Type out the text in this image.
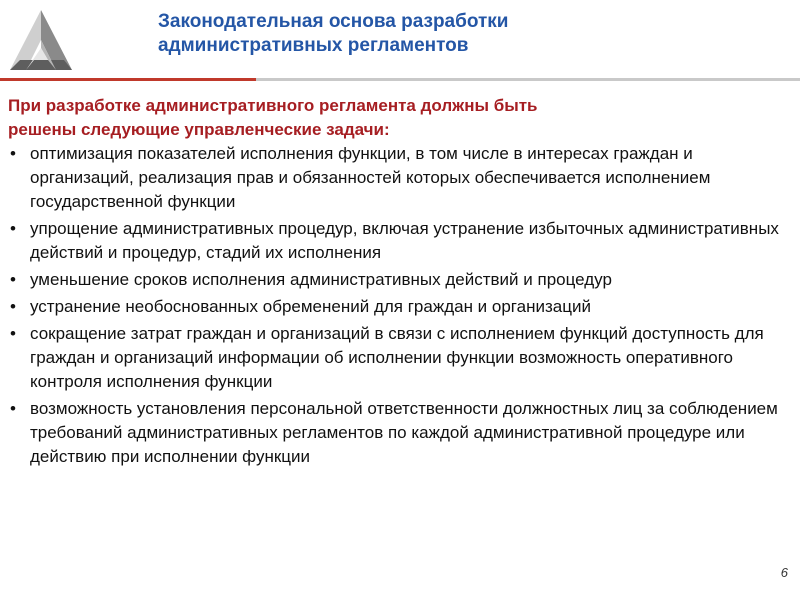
Законодательная основа разработки
административных регламентов
При разработке административного регламента должны быть
решены следующие управленческие задачи:
• оптимизация показателей исполнения функции, в том числе в интересах граждан и организаций, реализация прав и обязанностей которых обеспечивается исполнением государственной функции
• упрощение административных процедур, включая устранение избыточных административных действий и процедур, стадий их исполнения
• уменьшение сроков исполнения административных действий и процедур
• устранение необоснованных обременений для граждан и организаций
• сокращение затрат граждан и организаций в связи с исполнением функций доступность для граждан и организаций информации об исполнении функции возможность оперативного контроля исполнения функции
• возможность установления персональной ответственности должностных лиц за соблюдением требований административных регламентов по каждой административной процедуре или действию при исполнении функции
6
